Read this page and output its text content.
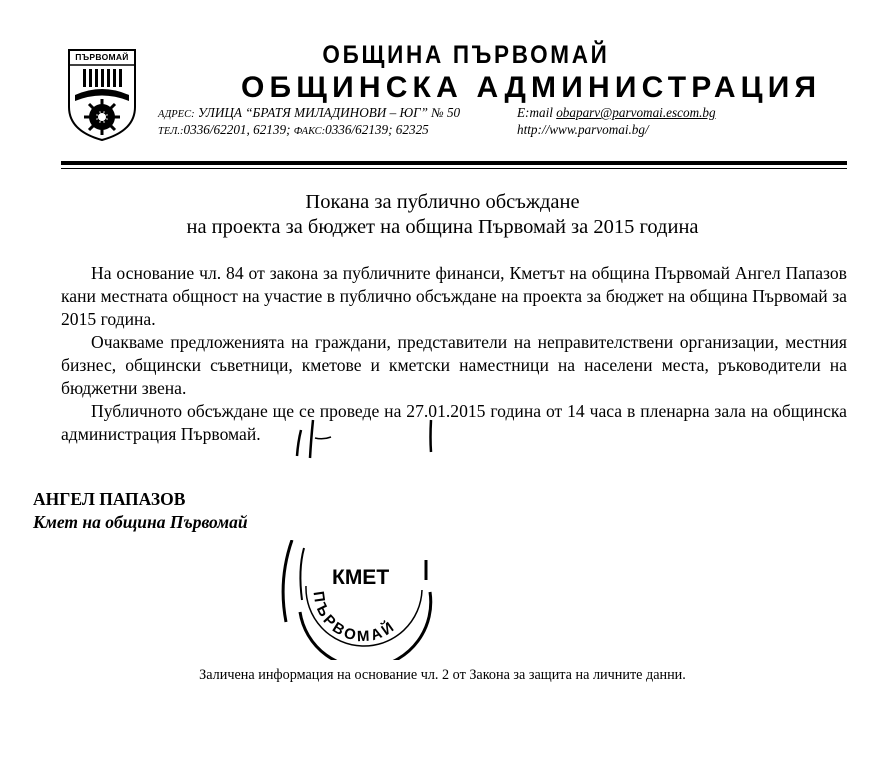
ПЪРВОМАЙ	ОБЩИНА ПЪРВОМАЙ
ОБЩИНСКА АДМИНИСТРАЦИЯ
АДРЕС: УЛИЦА “БРАТЯ МИЛАДИНОВИ – ЮГ” № 50
ТЕЛ.:0336/62201, 62139; ФАКС:0336/62139; 62325
E:mail obaparv@parvomai.escom.bg
http://www.parvomai.bg/
Покана за публично обсъждане
на проекта за бюджет на община Първомай за 2015 година

На основание чл. 84 от закона за публичните финанси, Кметът на община Първомай Ангел Папазов кани местната общност на участие в публично обсъждане на проекта за бюджет на община Първомай за 2015 година.

Очакваме предложенията на граждани, представители на неправителствени организации, местния бизнес, общински съветници, кметове и кметски наместници на населени места, ръководители на бюджетни звена.

Публичното обсъждане ще се проведе на 27.01.2015 година от 14 часа в пленарна зала на общинска администрация Първомай.

АНГЕЛ ПАПАЗОВ
Кмет на община Първомай
КМЕТ
ПЪРВОМАЙ
Заличена информация на основание чл. 2 от Закона за защита на личните данни.
